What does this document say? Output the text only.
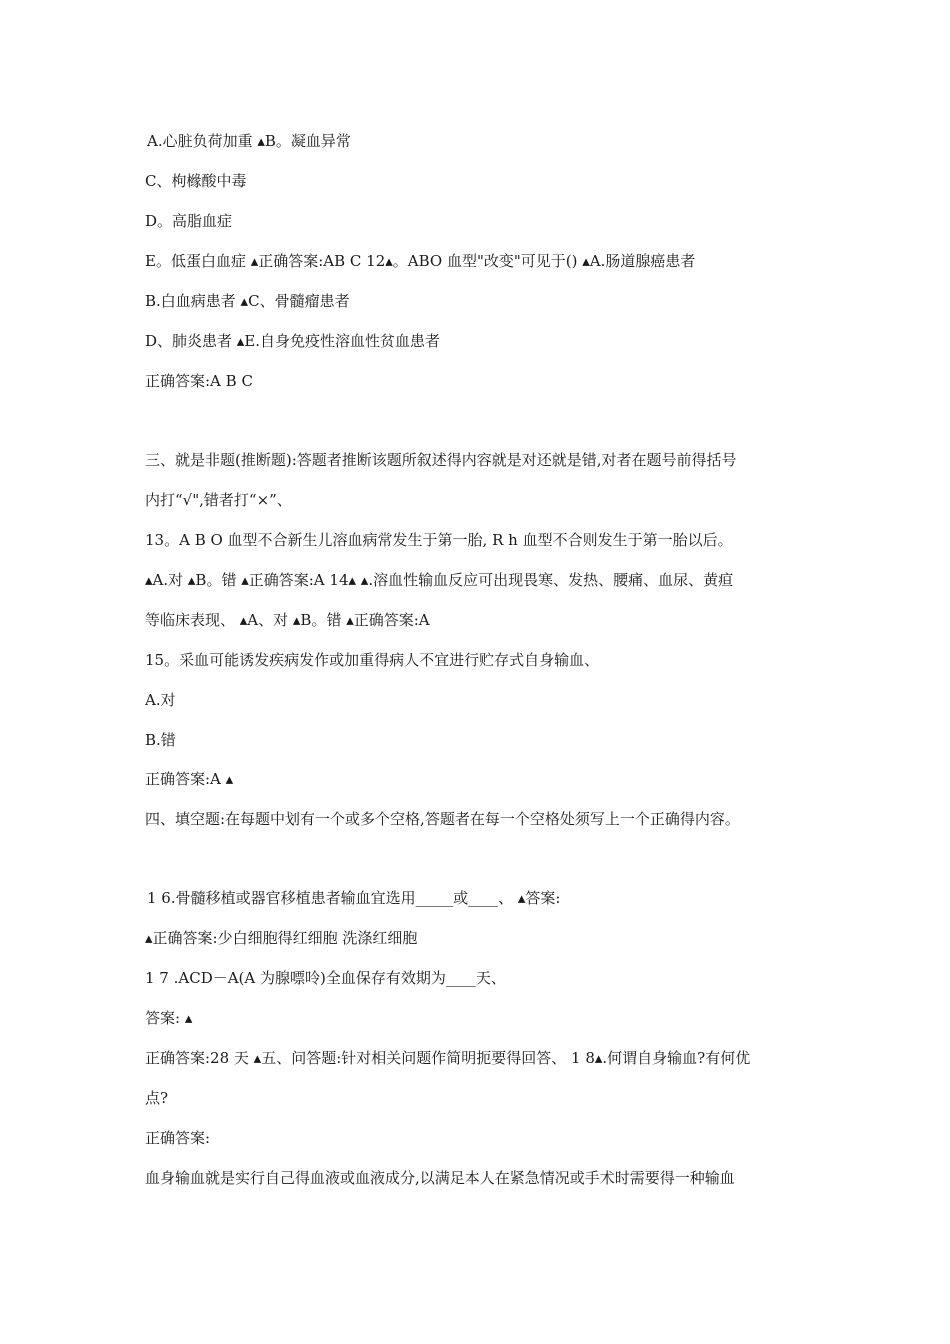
A.心脏负荷加重 ▴B。凝血异常
C、枸橼酸中毒
D。高脂血症
E。低蛋白血症 ▴正确答案:AB C 12▴。ABO 血型"改变"可见于() ▴A.肠道腺癌患者
B.白血病患者 ▴C、骨髓瘤患者
D、肺炎患者 ▴E.自身免疫性溶血性贫血患者
正确答案:A B C
三、就是非题(推断题):答题者推断该题所叙述得内容就是对还就是错,对者在题号前得括号
内打“√",错者打“×”、
13。A B O 血型不合新生儿溶血病常发生于第一胎, R h 血型不合则发生于第一胎以后。
▴A.对 ▴B。错 ▴正确答案:A 14▴ ▴.溶血性输血反应可出现畏寒、发热、腰痛、血尿、黄疸
等临床表现、 ▴A、对 ▴B。错 ▴正确答案:A
15。采血可能诱发疾病发作或加重得病人不宜进行贮存式自身输血、
A.对
B.错
正确答案:A ▴
四、填空题:在每题中划有一个或多个空格,答题者在每一个空格处须写上一个正确得内容。
1 6.骨髓移植或器官移植患者输血宜选用_____或____、 ▴答案:
▴正确答案:少白细胞得红细胞 洗涤红细胞
1 7 .ACD－A(A 为腺嘌呤)全血保存有效期为____天、
答案: ▴
正确答案:28 天 ▴五、问答题:针对相关问题作简明扼要得回答、 1 8▴.何谓自身输血?有何优
点?
正确答案:
血身输血就是实行自己得血液或血液成分,以满足本人在紧急情况或手术时需要得一种输血
